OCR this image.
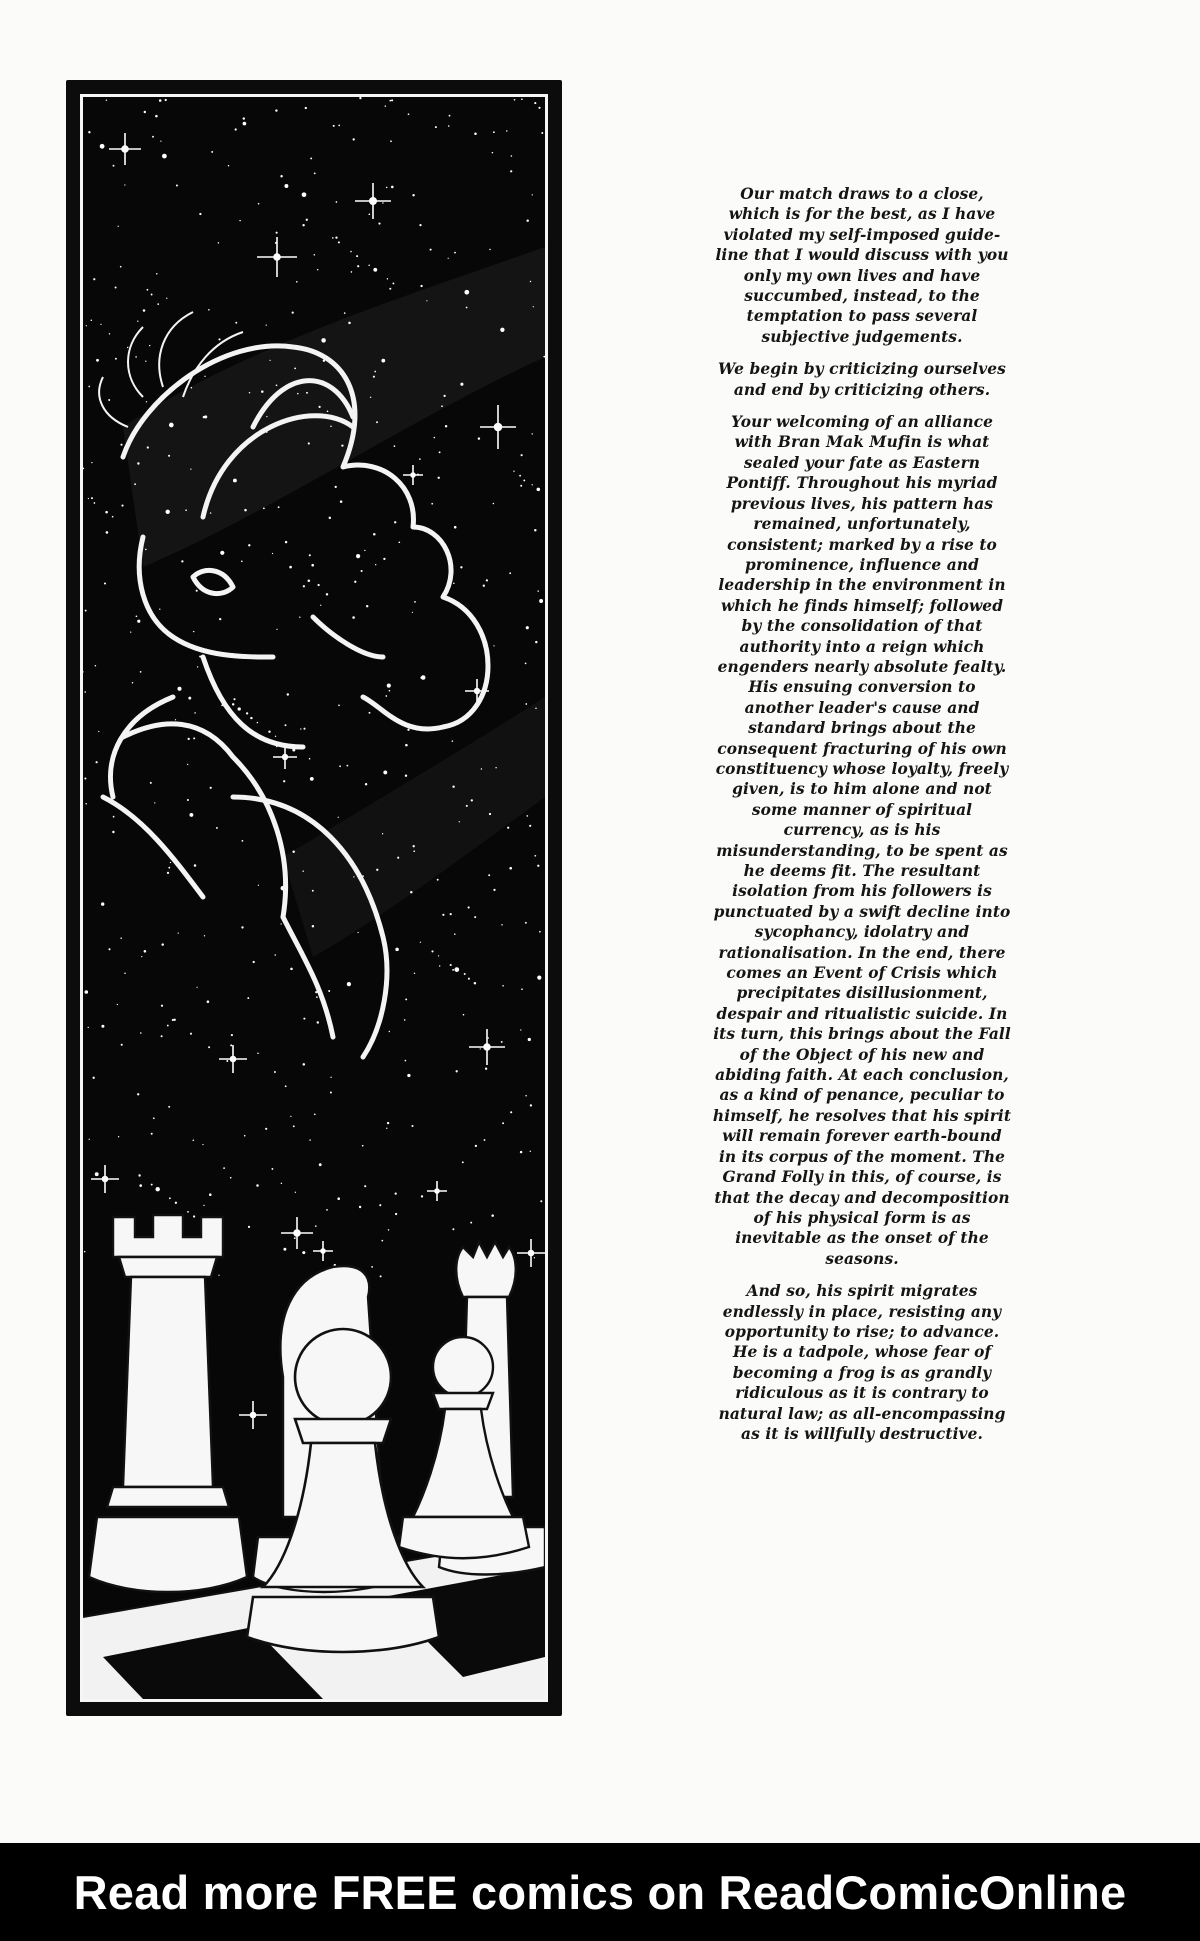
Our match draws to a close, which is for the best, as I have violated my self-imposed guide-line that I would discuss with you only my own lives and have succumbed, instead, to the temptation to pass several subjective judgements.

We begin by criticizing ourselves and end by criticizing others.

Your welcoming of an alliance with Bran Mak Mufin is what sealed your fate as Eastern Pontiff. Throughout his myriad previous lives, his pattern has remained, unfortunately, consistent; marked by a rise to prominence, influence and leadership in the environment in which he finds himself; followed by the consolidation of that authority into a reign which engenders nearly absolute fealty. His ensuing conversion to another leader's cause and standard brings about the consequent fracturing of his own constituency whose loyalty, freely given, is to him alone and not some manner of spiritual currency, as is his misunderstanding, to be spent as he deems fit. The resultant isolation from his followers is punctuated by a swift decline into sycophancy, idolatry and rationalisation. In the end, there comes an Event of Crisis which precipitates disillusionment, despair and ritualistic suicide. In its turn, this brings about the Fall of the Object of his new and abiding faith. At each conclusion, as a kind of penance, peculiar to himself, he resolves that his spirit will remain forever earth-bound in its corpus of the moment. The Grand Folly in this, of course, is that the decay and decomposition of his physical form is as inevitable as the onset of the seasons.

And so, his spirit migrates endlessly in place, resisting any opportunity to rise; to advance. He is a tadpole, whose fear of becoming a frog is as grandly ridiculous as it is contrary to natural law; as all-encompassing as it is willfully destructive.

Read more FREE comics on ReadComicOnline
